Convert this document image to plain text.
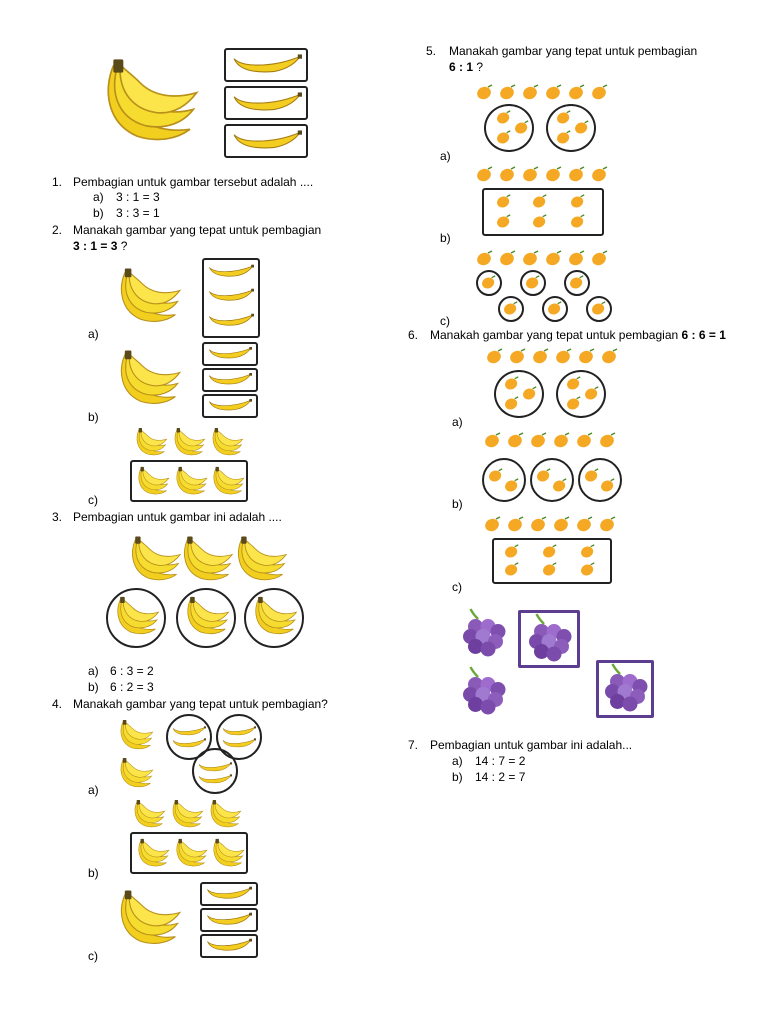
1. Pembagian untuk gambar tersebut adalah ....
a) 3 : 1 = 3
b) 3 : 3 = 1
2. Manakah gambar yang tepat untuk pembagian
3 : 1 = 3 ?
a)
b)
c)
3. Pembagian untuk gambar ini adalah ....
a) 6 : 3 = 2
b) 6 : 2 = 3
4. Manakah gambar yang tepat untuk pembagian?
a)
b)
c)
5. Manakah gambar yang tepat untuk pembagian
6 : 1 ?
a)
b)
c)
6. Manakah gambar yang tepat untuk pembagian 6 : 6 = 1
a)
b)
c)
7. Pembagian untuk gambar ini adalah...
a) 14 : 7 = 2
b) 14 : 2 = 7
